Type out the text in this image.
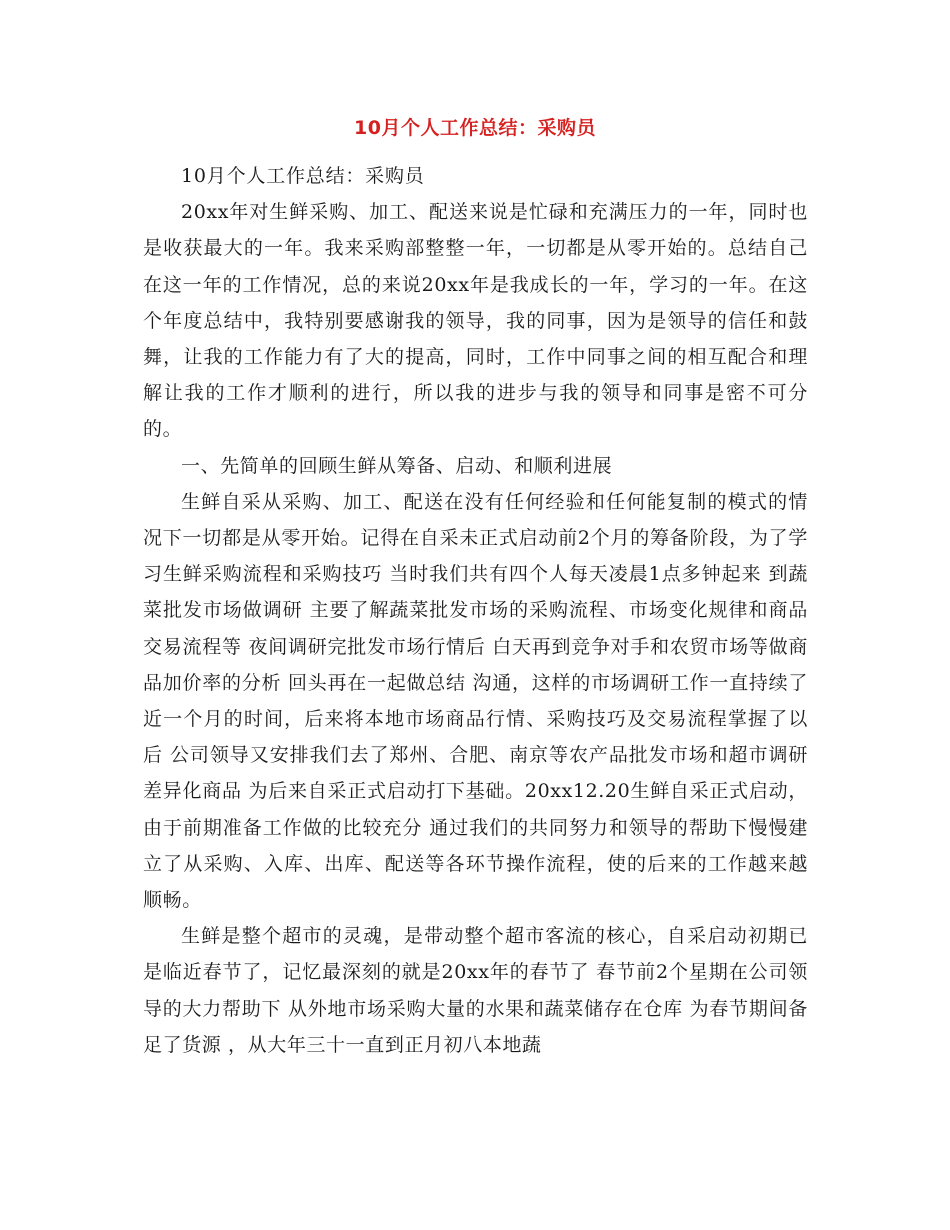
10月个人工作总结：采购员

10月个人工作总结：采购员

20xx年对生鲜采购、加工、配送来说是忙碌和充满压力的一年，同时也是收获最大的一年。我来采购部整整一年，一切都是从零开始的。总结自己在这一年的工作情况，总的来说20xx年是我成长的一年，学习的一年。在这个年度总结中，我特别要感谢我的领导，我的同事，因为是领导的信任和鼓舞，让我的工作能力有了大的提高，同时，工作中同事之间的相互配合和理解让我的工作才顺利的进行，所以我的进步与我的领导和同事是密不可分的。

一、先简单的回顾生鲜从筹备、启动、和顺利进展

生鲜自采从采购、加工、配送在没有任何经验和任何能复制的模式的情况下一切都是从零开始。记得在自采未正式启动前2个月的筹备阶段，为了学习生鲜采购流程和采购技巧 当时我们共有四个人每天凌晨1点多钟起来 到蔬菜批发市场做调研 主要了解蔬菜批发市场的采购流程、市场变化规律和商品交易流程等 夜间调研完批发市场行情后 白天再到竞争对手和农贸市场等做商品加价率的分析 回头再在一起做总结 沟通，这样的市场调研工作一直持续了近一个月的时间，后来将本地市场商品行情、采购技巧及交易流程掌握了以后 公司领导又安排我们去了郑州、合肥、南京等农产品批发市场和超市调研差异化商品 为后来自采正式启动打下基础。20xx12.20生鲜自采正式启动，由于前期准备工作做的比较充分 通过我们的共同努力和领导的帮助下慢慢建立了从采购、入库、出库、配送等各环节操作流程，使的后来的工作越来越顺畅。

生鲜是整个超市的灵魂，是带动整个超市客流的核心，自采启动初期已是临近春节了，记忆最深刻的就是20xx年的春节了 春节前2个星期在公司领导的大力帮助下 从外地市场采购大量的水果和蔬菜储存在仓库 为春节期间备足了货源 ，从大年三十一直到正月初八本地蔬
